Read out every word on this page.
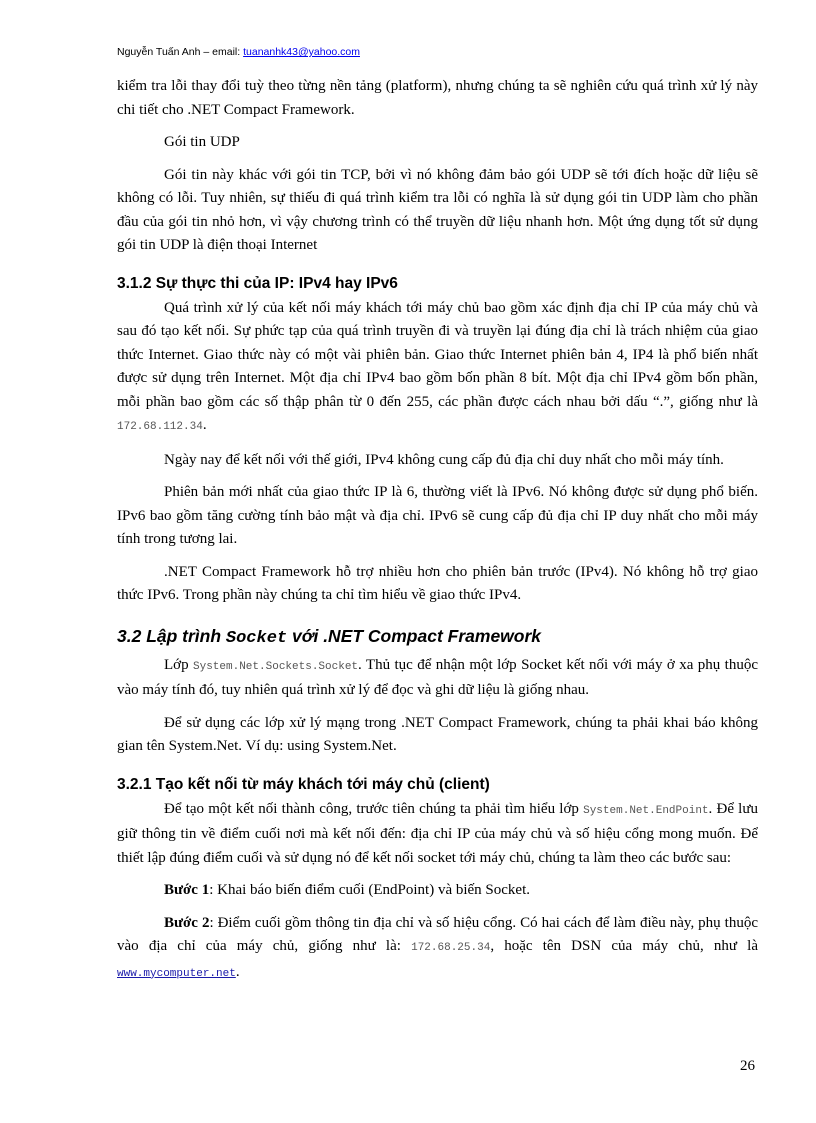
Nguyễn Tuấn Anh – email: tuananhk43@yahoo.com

kiểm tra lỗi thay đổi tuỳ theo từng nền tảng (platform), nhưng chúng ta sẽ nghiên cứu quá trình xử lý này chi tiết cho .NET Compact Framework.

Gói tin UDP

Gói tin này khác với gói tin TCP, bởi vì nó không đảm bảo gói UDP sẽ tới đích hoặc dữ liệu sẽ không có lỗi. Tuy nhiên, sự thiếu đi quá trình kiểm tra lỗi có nghĩa là sử dụng gói tin UDP làm cho phần đầu của gói tin nhỏ hơn, vì vậy chương trình có thể truyền dữ liệu nhanh hơn. Một ứng dụng tốt sử dụng gói tin UDP là điện thoại Internet

3.1.2 Sự thực thi của IP: IPv4 hay IPv6

Quá trình xử lý của kết nối máy khách tới máy chủ bao gồm xác định địa chỉ IP của máy chủ và sau đó tạo kết nối. Sự phức tạp của quá trình truyền đi và truyền lại đúng địa chỉ là trách nhiệm của giao thức Internet. Giao thức này có một vài phiên bản. Giao thức Internet phiên bản 4, IP4 là phổ biến nhất được sử dụng trên Internet. Một địa chỉ IPv4 bao gồm bốn phần 8 bít. Một địa chỉ IPv4 gồm bốn phần, mỗi phần bao gồm các số thập phân từ 0 đến 255, các phần được cách nhau bởi dấu “.”, giống như là 172.68.112.34.

Ngày nay để kết nối với thế giới, IPv4 không cung cấp đủ địa chỉ duy nhất cho mỗi máy tính.

Phiên bản mới nhất của giao thức IP là 6, thường viết là IPv6. Nó không được sử dụng phổ biến. IPv6 bao gồm tăng cường tính bảo mật và địa chỉ. IPv6 sẽ cung cấp đủ địa chỉ IP duy nhất cho mỗi máy tính trong tương lai.

.NET Compact Framework hỗ trợ nhiều hơn cho phiên bản trước (IPv4). Nó không hỗ trợ giao thức IPv6. Trong phần này chúng ta chỉ tìm hiểu về giao thức IPv4.

3.2 Lập trình Socket với .NET Compact Framework

Lớp System.Net.Sockets.Socket. Thủ tục để nhận một lớp Socket kết nối với máy ở xa phụ thuộc vào máy tính đó, tuy nhiên quá trình xử lý để đọc và ghi dữ liệu là giống nhau.

Để sử dụng các lớp xử lý mạng trong .NET Compact Framework, chúng ta phải khai báo không gian tên System.Net. Ví dụ: using System.Net.

3.2.1 Tạo kết nối từ máy khách tới máy chủ (client)

Để tạo một kết nối thành công, trước tiên chúng ta phải tìm hiểu lớp System.Net.EndPoint. Để lưu giữ thông tin về điểm cuối nơi mà kết nối đến: địa chỉ IP của máy chủ và số hiệu cổng mong muốn. Để thiết lập đúng điểm cuối và sử dụng nó để kết nối socket tới máy chủ, chúng ta làm theo các bước sau:

Bước 1: Khai báo biến điểm cuối (EndPoint) và biến Socket.

Bước 2: Điểm cuối gồm thông tin địa chỉ và số hiệu cổng. Có hai cách để làm điều này, phụ thuộc vào địa chỉ của máy chủ, giống như là: 172.68.25.34, hoặc tên DSN của máy chủ, như là www.mycomputer.net.

26
